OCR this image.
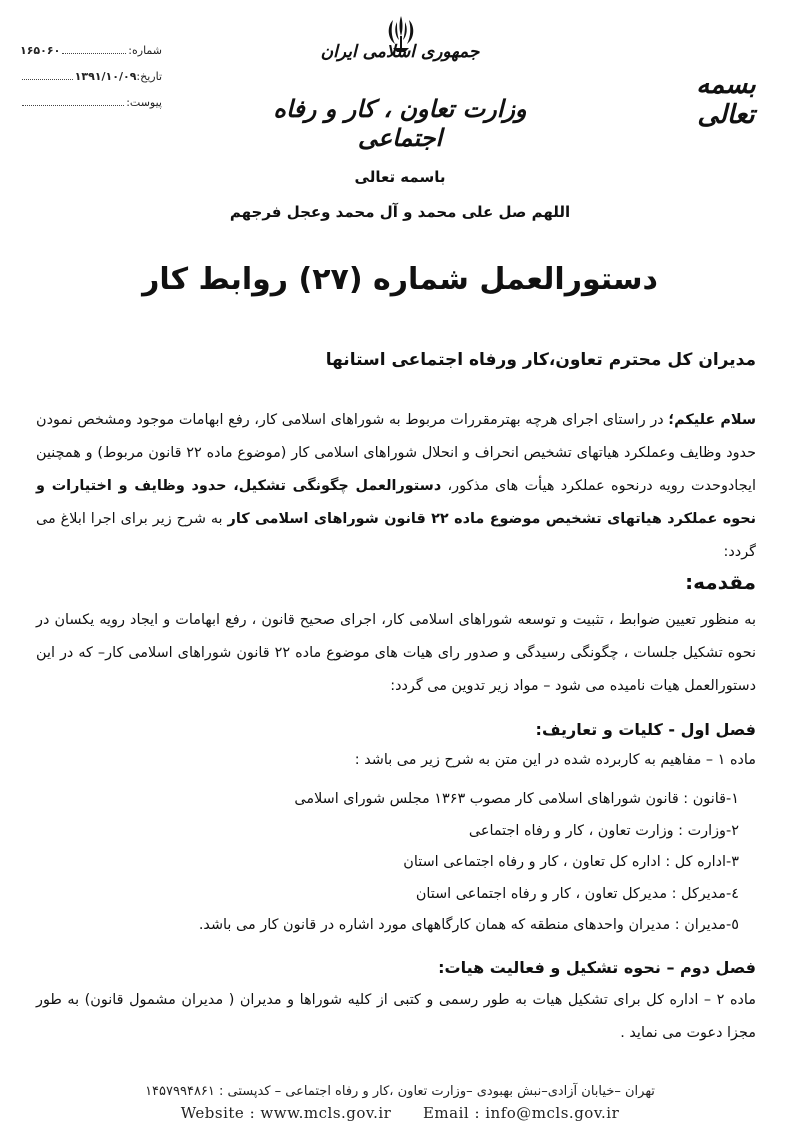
جمهوری اسلامی ایران
وزارت تعاون ، کار و رفاه اجتماعی
بسمه تعالی
شماره:
۱۶۵۰۶۰
تاریخ:
۱۳۹۱/۱۰/۰۹
پیوست:
باسمه تعالی
اللهم صل علی محمد و آل محمد وعجل فرجهم
دستورالعمل شماره (۲۷) روابط کار
مدیران کل محترم تعاون،کار ورفاه اجتماعی استانها
سلام علیکم؛ در راستای اجرای هرچه بهترمقررات مربوط به شوراهای اسلامی کار، رفع ابهامات موجود ومشخص نمودن حدود وظایف وعملکرد هیاتهای تشخیص انحراف و انحلال شوراهای اسلامی کار (موضوع ماده ۲۲ قانون مربوط) و همچنین ایجادوحدت رویه درنحوه عملکرد هیأت های مذکور، دستورالعمل چگونگی تشکیل، حدود وظایف و اختیارات و نحوه عملکرد هیاتهای تشخیص موضوع ماده ۲۲ قانون شوراهای اسلامی کار به شرح زیر برای اجرا ابلاغ می گردد:
مقدمه:
به منظور تعیین ضوابط ، تثبیت و توسعه شوراهای اسلامی کار، اجرای صحیح قانون ، رفع ابهامات و ایجاد رویه یکسان در نحوه تشکیل جلسات ، چگونگی رسیدگی و صدور رای هیات های موضوع ماده ۲۲ قانون شوراهای اسلامی کار– که در این دستورالعمل هیات نامیده می شود – مواد زیر تدوین می گردد:
فصل اول - کلیات و تعاریف:
ماده ۱ – مفاهیم به کاربرده شده در این متن به شرح زیر می باشد :
۱-قانون : قانون شوراهای اسلامی کار مصوب ۱۳۶۳ مجلس شورای اسلامی
۲-وزارت : وزارت تعاون ، کار و رفاه اجتماعی
۳-اداره کل : اداره کل تعاون ، کار و رفاه اجتماعی استان
٤-مدیرکل : مدیرکل تعاون ، کار و رفاه اجتماعی استان
٥-مدیران : مدیران واحدهای منطقه که همان کارگاههای مورد اشاره در قانون کار می باشد.
فصل دوم – نحوه تشکیل و فعالیت هیات:
ماده ۲ – اداره کل برای تشکیل هیات به طور رسمی و کتبی از کلیه شوراها و مدیران ( مدیران مشمول قانون) به طور مجزا دعوت می نماید .
تهران –خیابان آزادی–نبش بهبودی –وزارت تعاون ،کار و رفاه اجتماعی – کدپستی : ۱۴۵۷۹۹۴۸۶۱
Website : www.mcls.gov.ir      Email : info@mcls.gov.ir
